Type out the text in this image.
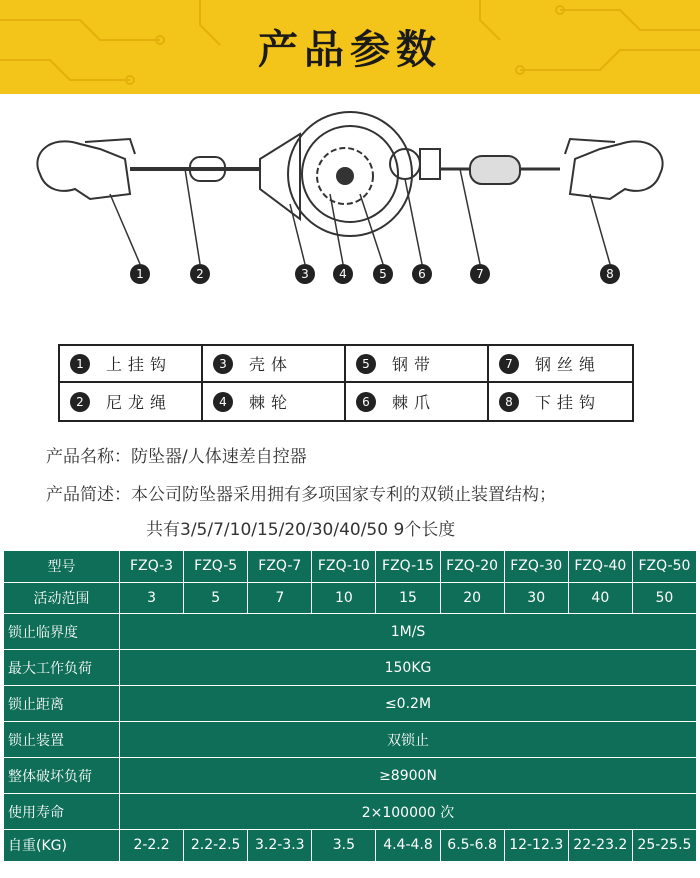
产品参数
1	2	3	4	5	6	7	8
1	上挂钩	3	壳体	5	钢带	7	钢丝绳
2	尼龙绳	4	棘轮	6	棘爪	8	下挂钩
产品名称：防坠器/人体速差自控器
产品简述：本公司防坠器采用拥有多项国家专利的双锁止装置结构；
共有3/5/7/10/15/20/30/40/50 9个长度
型号	FZQ-3	FZQ-5	FZQ-7	FZQ-10	FZQ-15	FZQ-20	FZQ-30	FZQ-40	FZQ-50
活动范围	3	5	7	10	15	20	30	40	50
锁止临界度	1M/S								
最大工作负荷	150KG								
锁止距离	≤0.2M								
锁止装置	双锁止								
整体破坏负荷	≥8900N								
使用寿命	2×100000 次								
自重(KG)	2-2.2	2.2-2.5	3.2-3.3	3.5	4.4-4.8	6.5-6.8	12-12.3	22-23.2	25-25.5
